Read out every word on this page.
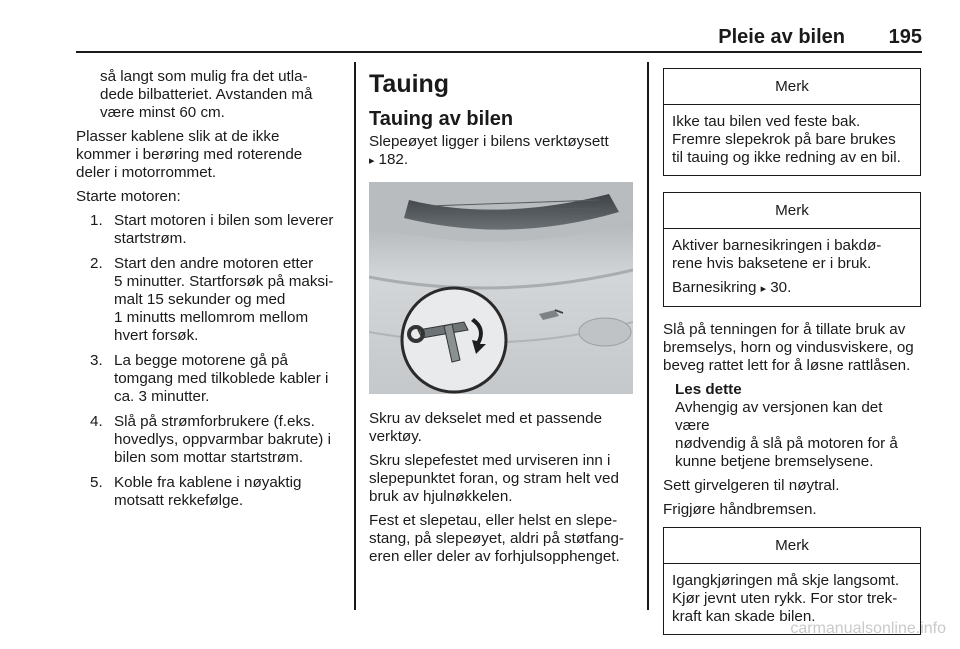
Pleie av bilen 195

så langt som mulig fra det utla-
dede bilbatteriet. Avstanden må
være minst 60 cm.

Plasser kablene slik at de ikke
kommer i berøring med roterende
deler i motorrommet.

Starte motoren:

1. Start motoren i bilen som leverer
startstrøm.
2. Start den andre motoren etter
5 minutter. Startforsøk på maksi-
malt 15 sekunder og med
1 minutts mellomrom mellom
hvert forsøk.
3. La begge motorene gå på
tomgang med tilkoblede kabler i
ca. 3 minutter.
4. Slå på strømforbrukere (f.eks.
hovedlys, oppvarmbar bakrute) i
bilen som mottar startstrøm.
5. Koble fra kablene i nøyaktig
motsatt rekkefølge.
Tauing
Tauing av bilen

Slepeøyet ligger i bilens verktøysett
▸ 182.

Skru av dekselet med et passende
verktøy.

Skru slepefestet med urviseren inn i
slepepunktet foran, og stram helt ved
bruk av hjulnøkkelen.

Fest et slepetau, eller helst en slepe-
stang, på slepeøyet, aldri på støtfang-
eren eller deler av forhjulsopphenget.

Merk

Ikke tau bilen ved feste bak.
Fremre slepekrok på bare brukes
til tauing og ikke redning av en bil.

Merk

Aktiver barnesikringen i bakdø-
rene hvis baksetene er i bruk.

Barnesikring ▸ 30.

Slå på tenningen for å tillate bruk av
bremselys, horn og vindusviskere, og
beveg rattet lett for å løsne rattlåsen.

Les dette
Avhengig av versjonen kan det være
nødvendig å slå på motoren for å
kunne betjene bremselysene.

Sett girvelgeren til nøytral.

Frigjøre håndbremsen.

Merk

Igangkjøringen må skje langsomt.
Kjør jevnt uten rykk. For stor trek-
kraft kan skade bilen.

carmanualsonline.info
